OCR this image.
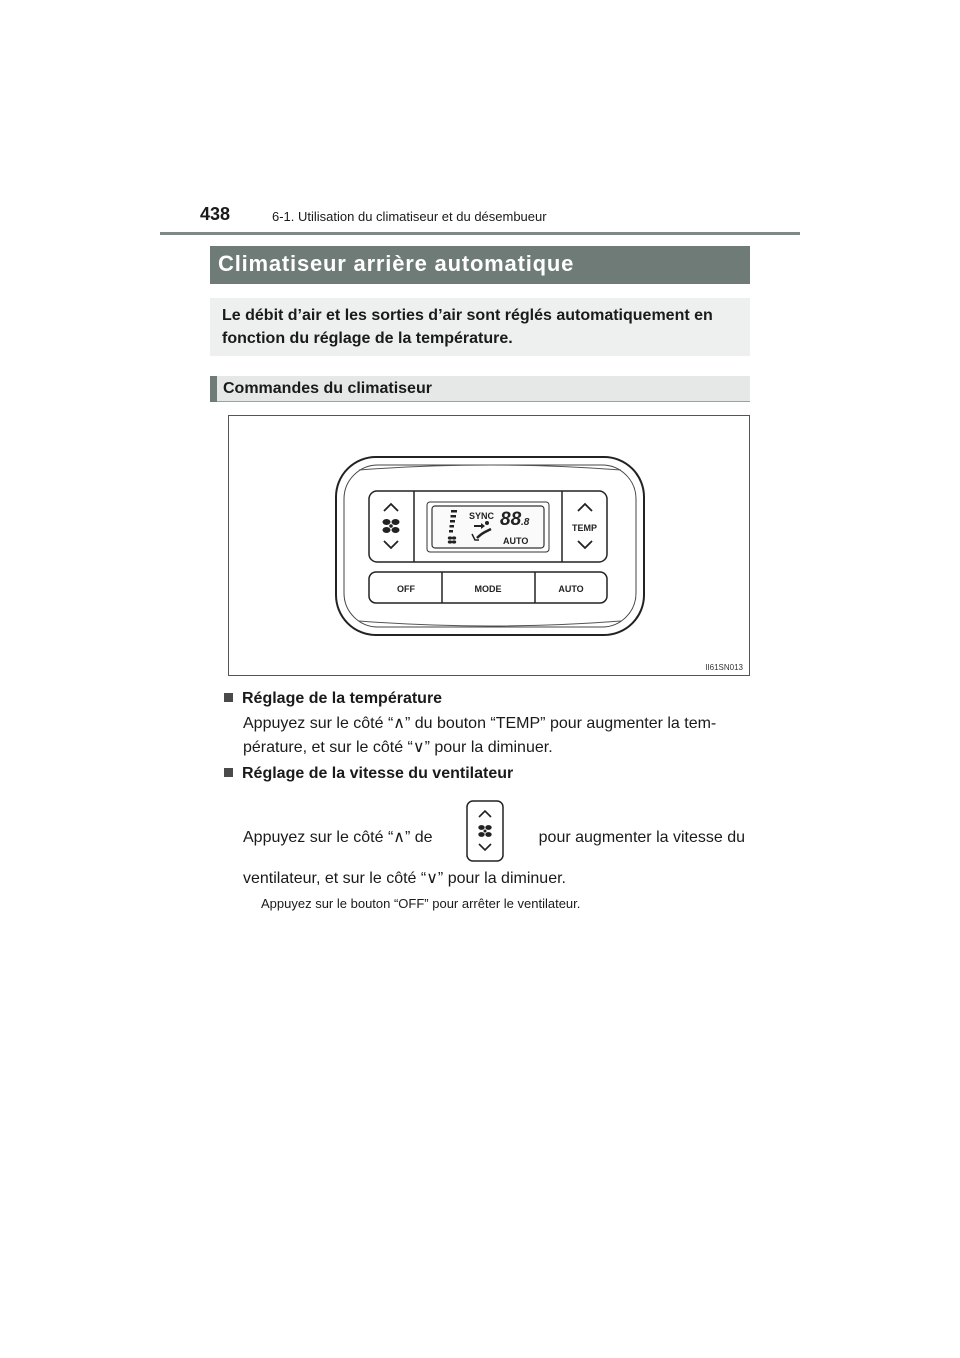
438	6-1. Utilisation du climatiseur et du désembueur
Climatiseur arrière automatique
Le débit d’air et les sorties d’air sont réglés automatiquement en fonction du réglage de la température.
Commandes du climatiseur
SYNC 88 .8
AUTO
TEMP
OFF	MODE	AUTO
II61SN013
Réglage de la température
Appuyez sur le côté “∧” du bouton “TEMP” pour augmenter la tem-
pérature, et sur le côté “∨” pour la diminuer.
Réglage de la vitesse du ventilateur
Appuyez sur le côté “∧” de	pour augmenter la vitesse du
ventilateur, et sur le côté “∨” pour la diminuer.
Appuyez sur le bouton “OFF” pour arrêter le ventilateur.
